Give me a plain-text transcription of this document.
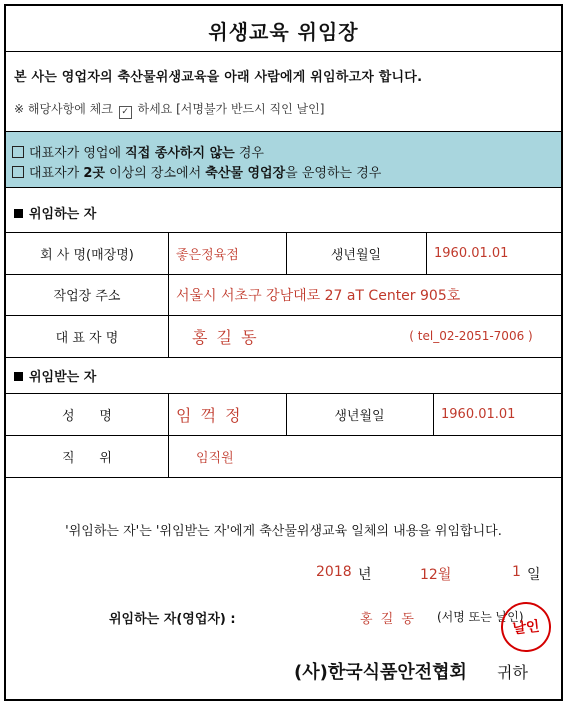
위생교육 위임장
본 사는 영업자의 축산물위생교육을 아래 사람에게 위임하고자 합니다.
※ 해당사항에 체크 ✓ 하세요 [서명불가 반드시 직인 날인]
대표자가 영업에 직접 종사하지 않는 경우
대표자가 2곳 이상의 장소에서 축산물 영업장을 운영하는 경우
위임하는 자
회 사 명(매장명)	좋은정육점	생년월일	1960.01.01
작업장 주소	서울시 서초구 강남대로 27 aT Center 905호
대 표 자 명	홍 길 동	( tel_02-2051-7006 )
위임받는 자
성      명	임 꺽 정	생년월일	1960.01.01
직      위	임직원
'위임하는 자'는 '위임받는 자'에게 축산물위생교육 일체의 내용을 위임합니다.
2018 년	12월	1 일
위임하는 자(영업자) :	홍 길 동 (서명 또는 날인)
날인
(사)한국식품안전협회 귀하
